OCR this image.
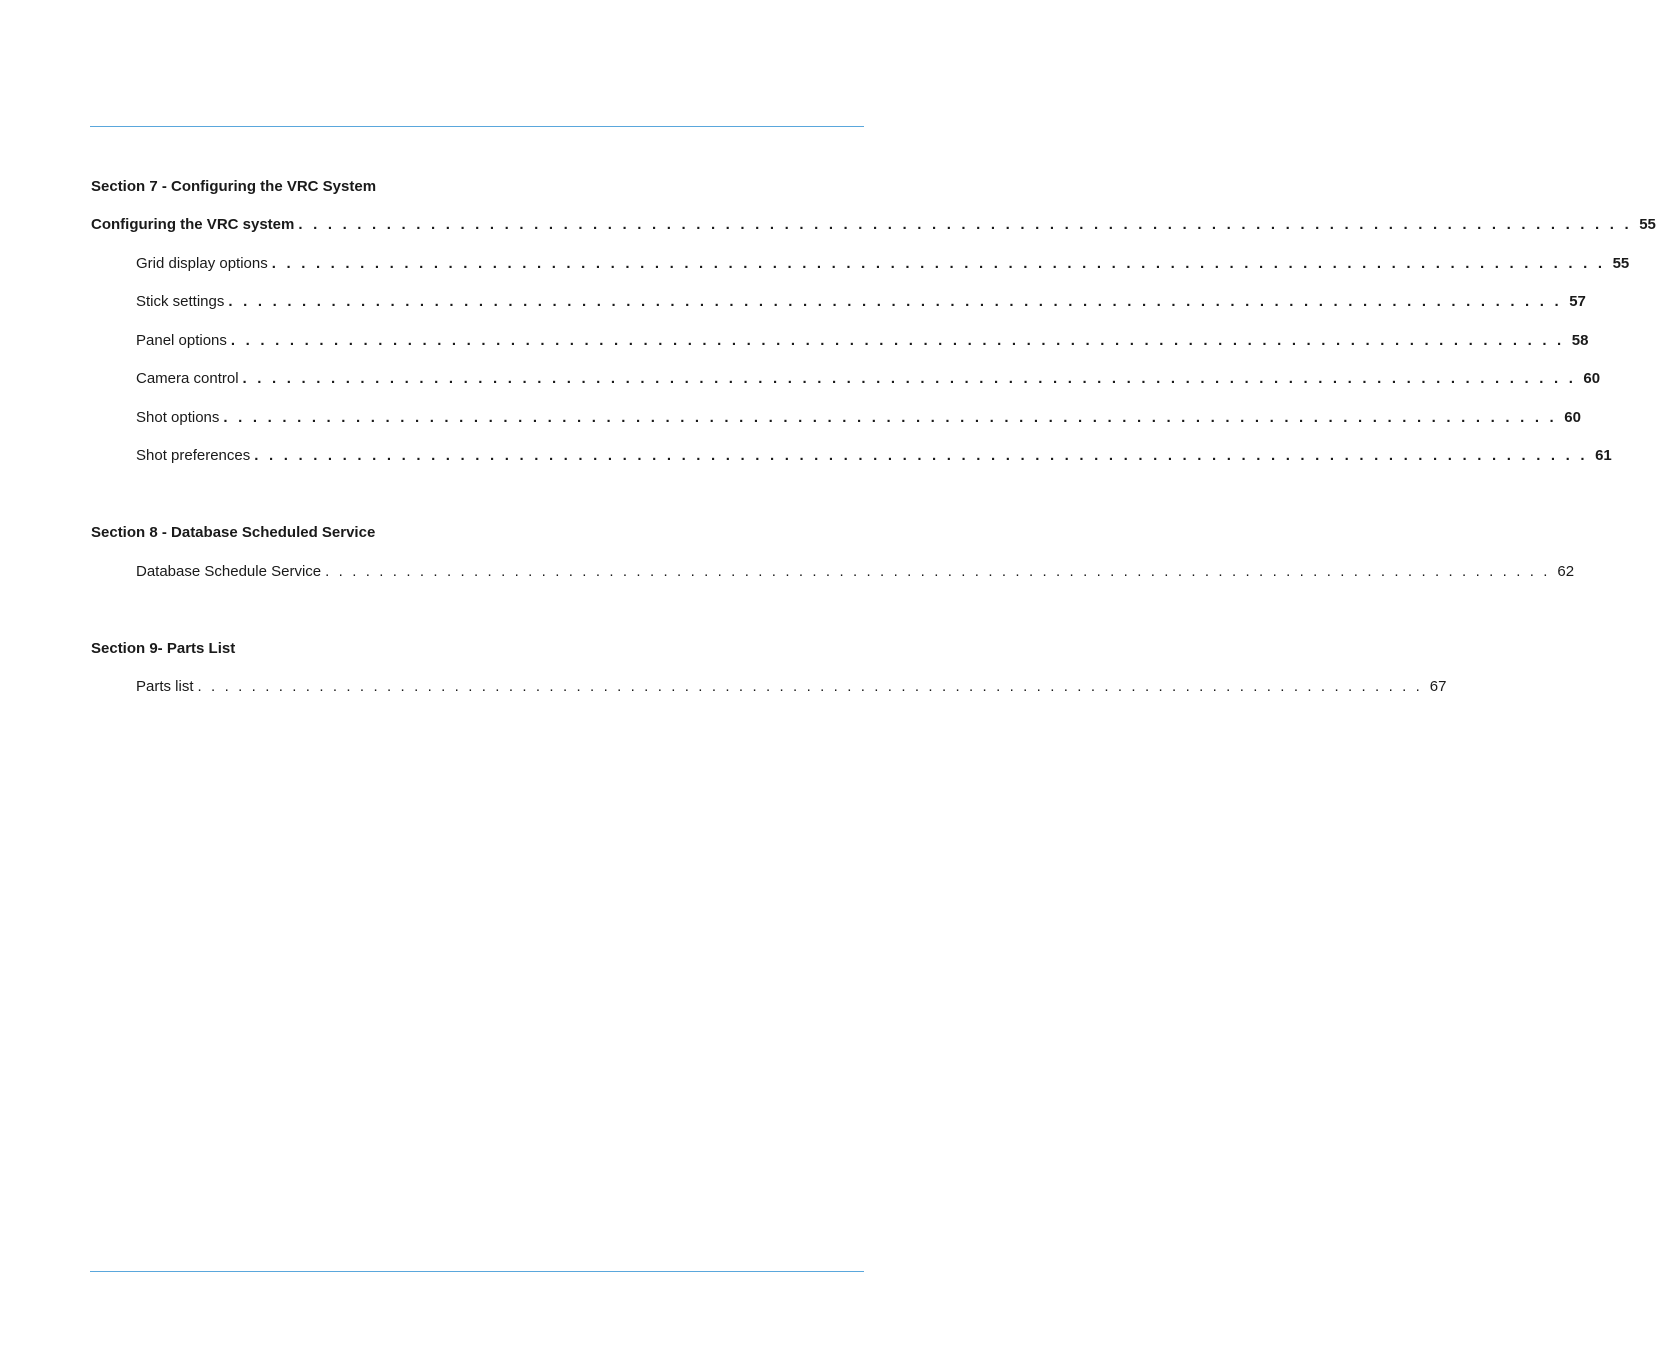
Section 7 - Configuring the VRC System
Configuring the VRC system . . . . . . . . . . . . . . . . . . . . . . . . . . . . . . . . . . . . . . . . . . . . . . . . . . . . . . . . . . . . . . . . . . . . . . . . . . . . . . . . . . . . . . . . . . . 55
Grid display options . . . . . . . . . . . . . . . . . . . . . . . . . . . . . . . . . . . . . . . . . . . . . . . . . . . . . . . . . . . . . . . . . . . . . . . . . . . . . . . . . . . . . . . . . . . 55
Stick settings . . . . . . . . . . . . . . . . . . . . . . . . . . . . . . . . . . . . . . . . . . . . . . . . . . . . . . . . . . . . . . . . . . . . . . . . . . . . . . . . . . . . . . . . . . . 57
Panel options . . . . . . . . . . . . . . . . . . . . . . . . . . . . . . . . . . . . . . . . . . . . . . . . . . . . . . . . . . . . . . . . . . . . . . . . . . . . . . . . . . . . . . . . . . . 58
Camera control . . . . . . . . . . . . . . . . . . . . . . . . . . . . . . . . . . . . . . . . . . . . . . . . . . . . . . . . . . . . . . . . . . . . . . . . . . . . . . . . . . . . . . . . . . . 60
Shot options . . . . . . . . . . . . . . . . . . . . . . . . . . . . . . . . . . . . . . . . . . . . . . . . . . . . . . . . . . . . . . . . . . . . . . . . . . . . . . . . . . . . . . . . . . . 60
Shot preferences . . . . . . . . . . . . . . . . . . . . . . . . . . . . . . . . . . . . . . . . . . . . . . . . . . . . . . . . . . . . . . . . . . . . . . . . . . . . . . . . . . . . . . . . . . . 61
Section 8 - Database Scheduled Service
Database Schedule Service . . . . . . . . . . . . . . . . . . . . . . . . . . . . . . . . . . . . . . . . . . . . . . . . . . . . . . . . . . . . . . . . . . . . . . . . . . . . . . . . . . . . . . . . . . . 62
Section 9- Parts List
Parts list . . . . . . . . . . . . . . . . . . . . . . . . . . . . . . . . . . . . . . . . . . . . . . . . . . . . . . . . . . . . . . . . . . . . . . . . . . . . . . . . . . . . . . . . . . . 67
